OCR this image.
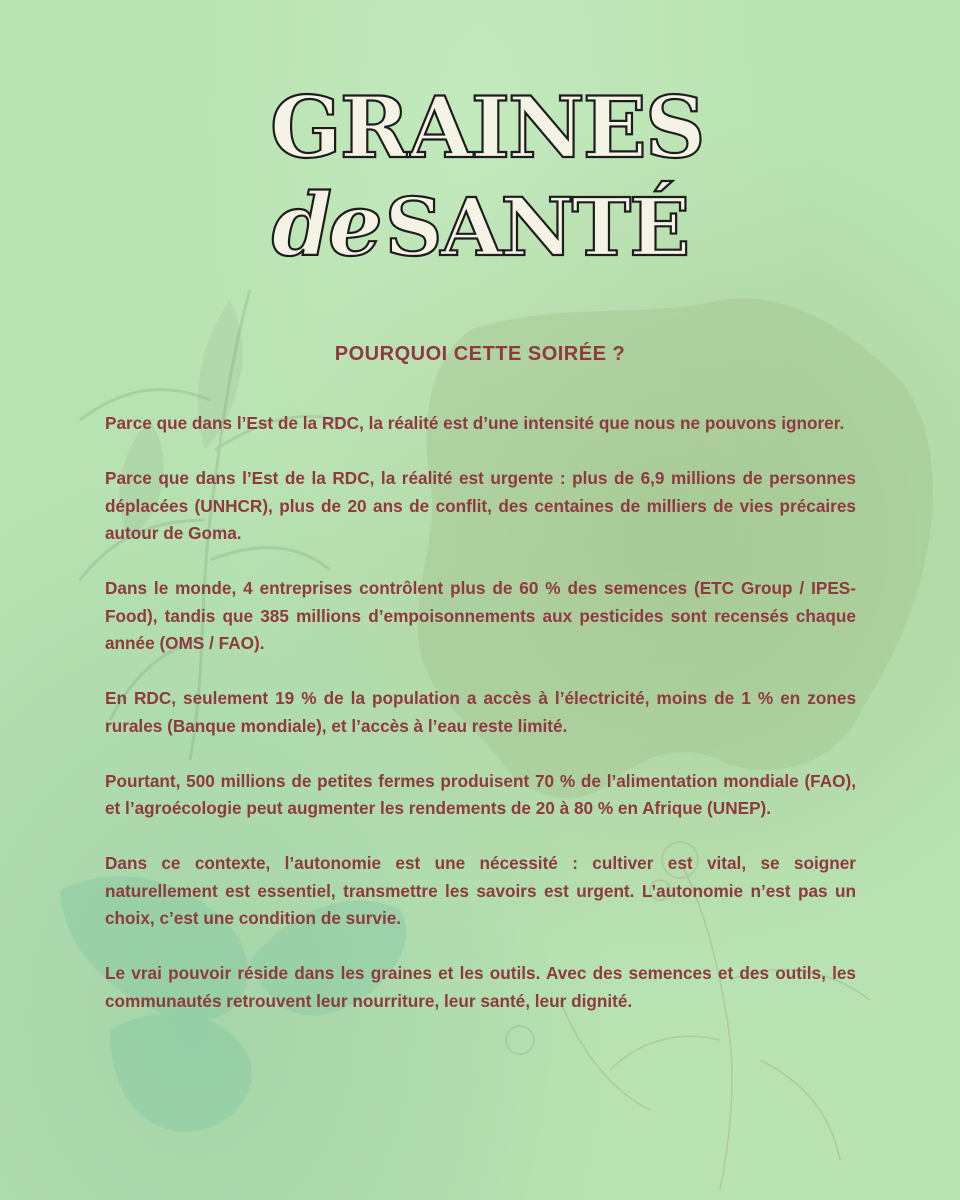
GRAINES
deSANTÉ
POURQUOI CETTE SOIRÉE ?

Parce que dans l’Est de la RDC, la réalité est d’une intensité que nous ne pouvons ignorer.

Parce que dans l’Est de la RDC, la réalité est urgente : plus de 6,9 millions de personnes déplacées (UNHCR), plus de 20 ans de conflit, des centaines de milliers de vies précaires autour de Goma.

Dans le monde, 4 entreprises contrôlent plus de 60 % des semences (ETC Group / IPES-Food), tandis que 385 millions d’empoisonnements aux pesticides sont recensés chaque année (OMS / FAO).

En RDC, seulement 19 % de la population a accès à l’électricité, moins de 1 % en zones rurales (Banque mondiale), et l’accès à l’eau reste limité.

Pourtant, 500 millions de petites fermes produisent 70 % de l’alimentation mondiale (FAO), et l’agroécologie peut augmenter les rendements de 20 à 80 % en Afrique (UNEP).

Dans ce contexte, l’autonomie est une nécessité : cultiver est vital, se soigner naturellement est essentiel, transmettre les savoirs est urgent. L’autonomie n’est pas un choix, c’est une condition de survie.

Le vrai pouvoir réside dans les graines et les outils. Avec des semences et des outils, les communautés retrouvent leur nourriture, leur santé, leur dignité.
